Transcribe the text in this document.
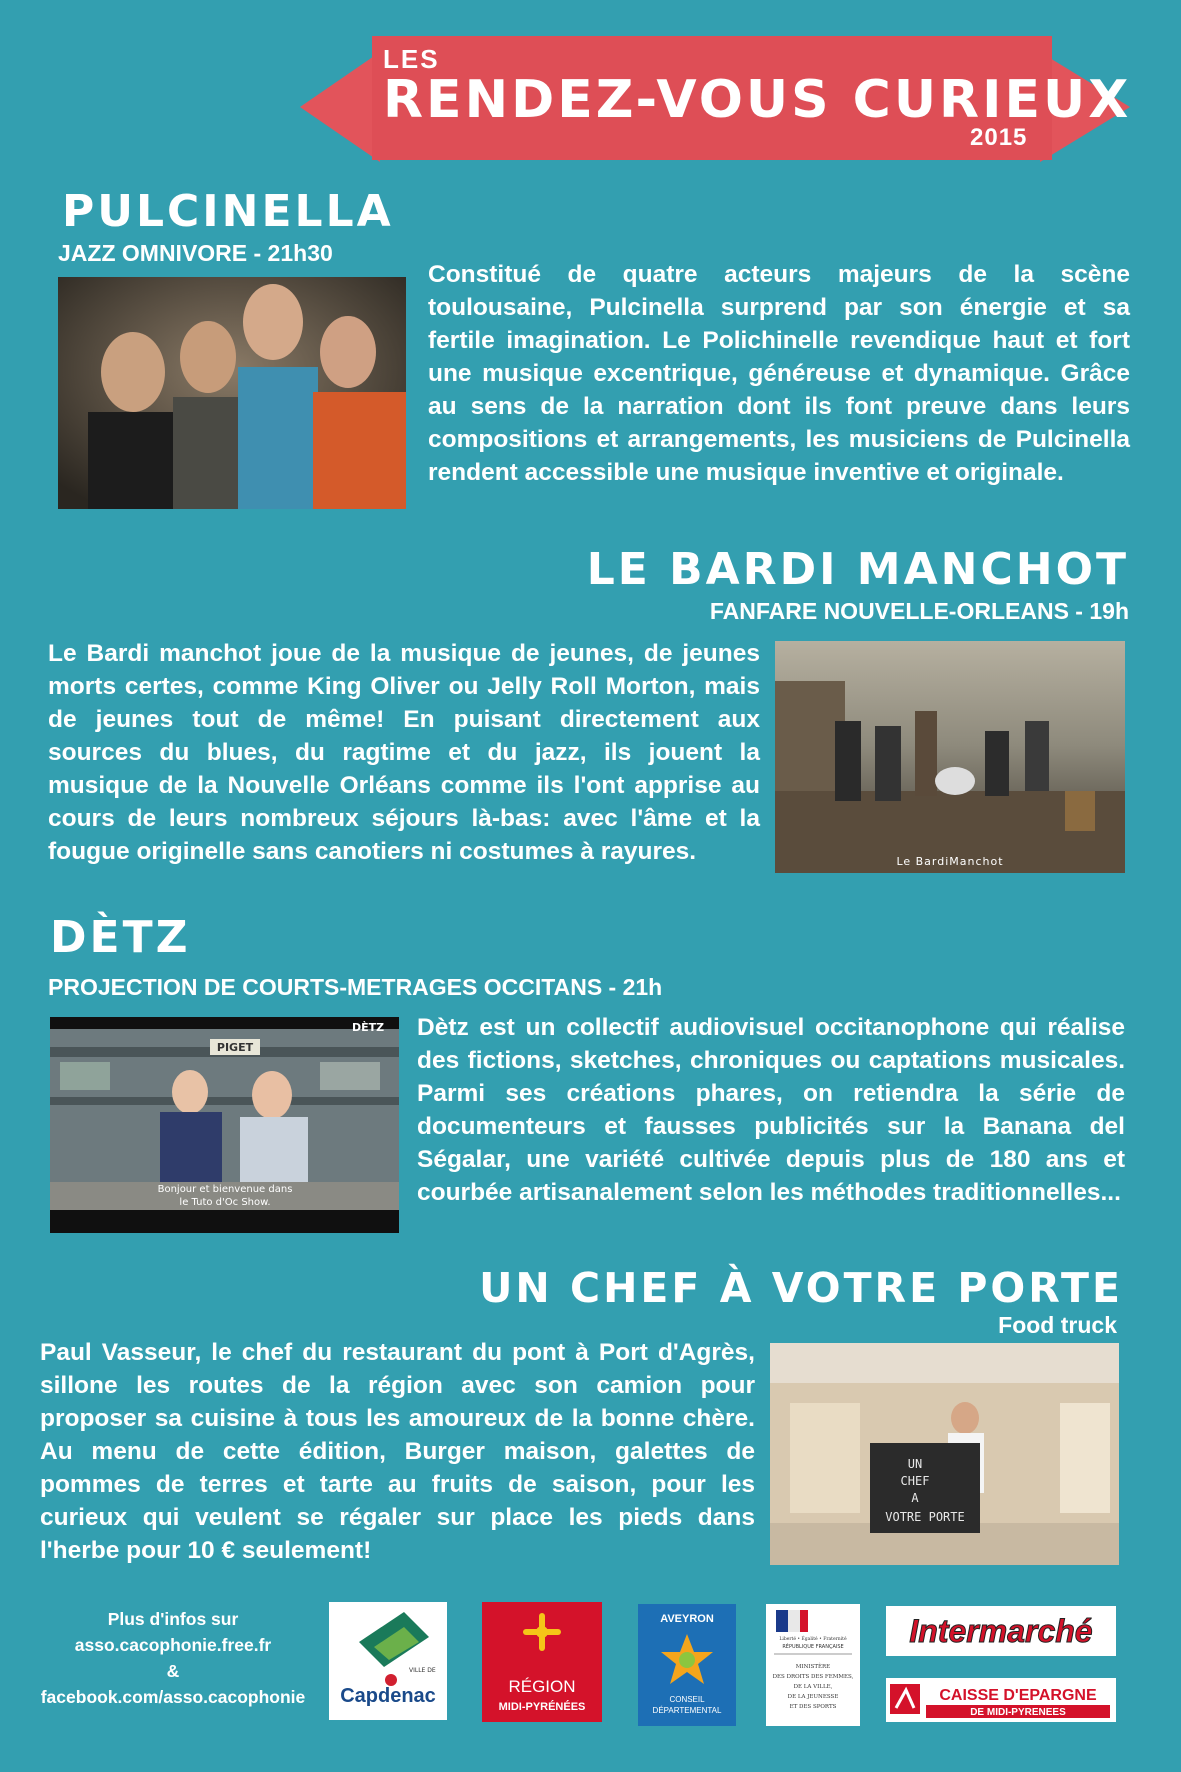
LES
RENDEZ-VOUS CURIEUX
2015
PULCINELLA
JAZZ OMNIVORE - 21h30
Constitué de quatre acteurs majeurs de la scène toulousaine, Pulcinella surprend par son énergie et sa fertile imagination. Le Polichinelle revendique haut et fort une musique excentrique, généreuse et dynamique. Grâce au sens de la narration dont ils font preuve dans leurs compositions et arrangements, les musiciens de Pulcinella rendent accessible une musique inventive et originale.
LE BARDI MANCHOT
FANFARE NOUVELLE-ORLEANS - 19h
Le Bardi manchot joue de la musique de jeunes, de jeunes morts certes, comme King Oliver ou Jelly Roll Morton, mais de jeunes tout de même! En puisant directement aux sources du blues, du ragtime et du jazz, ils jouent la musique de la Nouvelle Orléans comme ils l'ont apprise au cours de leurs nombreux séjours là-bas: avec l'âme et la fougue originelle sans canotiers ni costumes à rayures.	Le BardiManchot
DÈTZ
PROJECTION DE COURTS-METRAGES OCCITANS - 21h
PIGET
DÈTZ
Bonjour et bienvenue dans
le Tuto d'Oc Show.
Dètz est un collectif audiovisuel occitanophone qui réalise des fictions, sketches, chroniques ou captations musicales. Parmi ses créations phares, on retiendra la série de documenteurs et fausses publicités sur la Banana del Ségalar, une variété cultivée depuis plus de 180 ans et courbée artisanalement selon les méthodes traditionnelles...
UN CHEF À VOTRE PORTE
Food truck
Paul Vasseur, le chef du restaurant du pont à Port d'Agrès, sillone les routes de la région avec son camion pour proposer sa cuisine à tous les amoureux de la bonne chère. Au menu de cette édition, Burger maison, galettes de pommes de terres et tarte au fruits de saison, pour les curieux qui veulent se régaler sur place les pieds dans l'herbe pour 10 € seulement!
UN
CHEF
A
VOTRE PORTE
Plus d'infos sur
asso.cacophonie.free.fr
&
facebook.com/asso.cacophonie
VILLE DE
Capdenac	RÉGION
MIDI-PYRÉNÉES
AVEYRON
CONSEIL
DÉPARTEMENTAL
Liberté • Égalité • Fraternité
RÉPUBLIQUE FRANÇAISE
MINISTÈRE
DES DROITS DES FEMMES,
DE LA VILLE,
DE LA JEUNESSE
ET DES SPORTS
Intermarché
CAISSE D'EPARGNE
DE MIDI-PYRENEES
